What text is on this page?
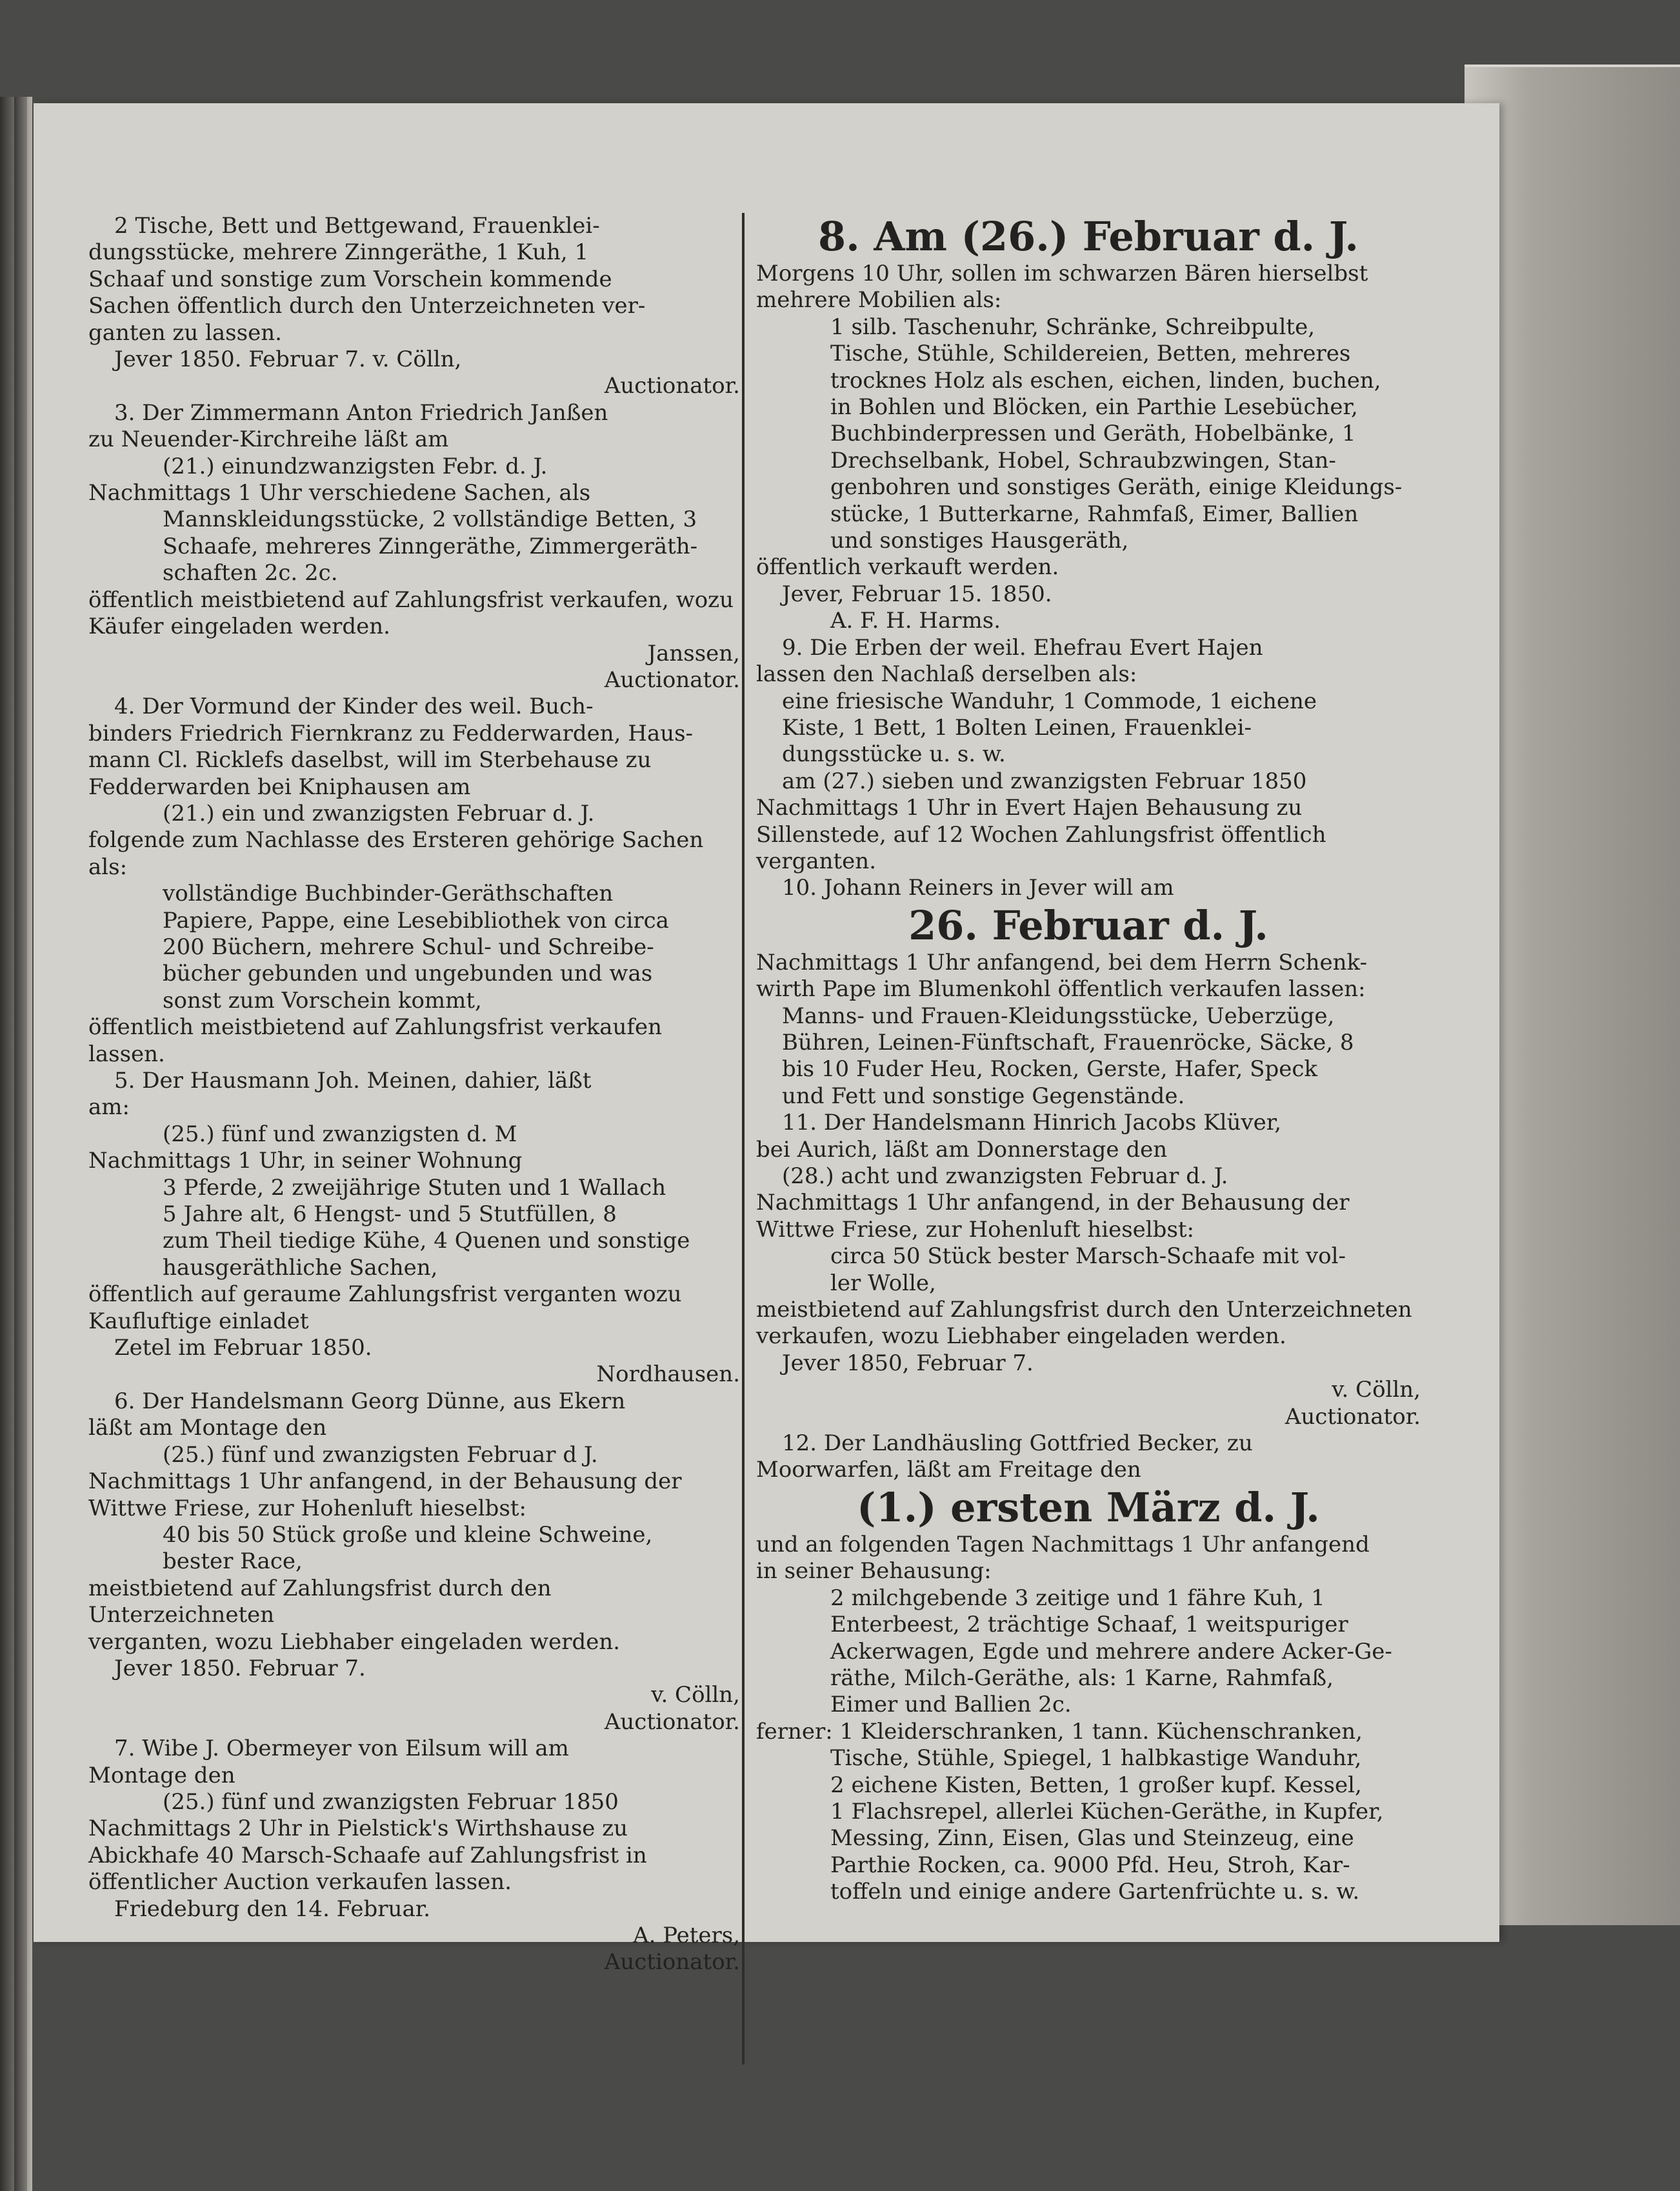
2 Tische, Bett und Bettgewand, Frauenklei-

dungsstücke, mehrere Zinngeräthe, 1 Kuh, 1

Schaaf und sonstige zum Vorschein kommende

Sachen öffentlich durch den Unterzeichneten ver-

ganten zu lassen.

Jever 1850. Februar 7. v. Cölln,

Auctionator.

3. Der Zimmermann Anton Friedrich Janßen

zu Neuender-Kirchreihe läßt am

(21.) einundzwanzigsten Febr. d. J.

Nachmittags 1 Uhr verschiedene Sachen, als

Mannskleidungsstücke, 2 vollständige Betten, 3

Schaafe, mehreres Zinngeräthe, Zimmergeräth-

schaften 2c. 2c.

öffentlich meistbietend auf Zahlungsfrist verkaufen, wozu

Käufer eingeladen werden.

Janssen,

Auctionator.

4. Der Vormund der Kinder des weil. Buch-

binders Friedrich Fiernkranz zu Fedderwarden, Haus-

mann Cl. Ricklefs daselbst, will im Sterbehause zu

Fedderwarden bei Kniphausen am

(21.) ein und zwanzigsten Februar d. J.

folgende zum Nachlasse des Ersteren gehörige Sachen

als:

vollständige Buchbinder-Geräthschaften

Papiere, Pappe, eine Lesebibliothek von circa

200 Büchern, mehrere Schul- und Schreibe-

bücher gebunden und ungebunden und was

sonst zum Vorschein kommt,

öffentlich meistbietend auf Zahlungsfrist verkaufen lassen.

5. Der Hausmann Joh. Meinen, dahier, läßt

am:

(25.) fünf und zwanzigsten d. M

Nachmittags 1 Uhr, in seiner Wohnung

3 Pferde, 2 zweijährige Stuten und 1 Wallach

5 Jahre alt, 6 Hengst- und 5 Stutfüllen, 8

zum Theil tiedige Kühe, 4 Quenen und sonstige

hausgeräthliche Sachen,

öffentlich auf geraume Zahlungsfrist verganten wozu

Kaufluftige einladet

Zetel im Februar 1850.

Nordhausen.

6. Der Handelsmann Georg Dünne, aus Ekern

läßt am Montage den

(25.) fünf und zwanzigsten Februar d J.

Nachmittags 1 Uhr anfangend, in der Behausung der

Wittwe Friese, zur Hohenluft hieselbst:

40 bis 50 Stück große und kleine Schweine,

bester Race,

meistbietend auf Zahlungsfrist durch den Unterzeichneten

verganten, wozu Liebhaber eingeladen werden.

Jever 1850. Februar 7.

v. Cölln,

Auctionator.

7. Wibe J. Obermeyer von Eilsum will am

Montage den

(25.) fünf und zwanzigsten Februar 1850

Nachmittags 2 Uhr in Pielstick's Wirthshause zu

Abickhafe 40 Marsch-Schaafe auf Zahlungsfrist in

öffentlicher Auction verkaufen lassen.

Friedeburg den 14. Februar.

A. Peters,

Auctionator.

8. Am (26.) Februar d. J.

Morgens 10 Uhr, sollen im schwarzen Bären hierselbst

mehrere Mobilien als:

1 silb. Taschenuhr, Schränke, Schreibpulte,

Tische, Stühle, Schildereien, Betten, mehreres

trocknes Holz als eschen, eichen, linden, buchen,

in Bohlen und Blöcken, ein Parthie Lesebücher,

Buchbinderpressen und Geräth, Hobelbänke, 1

Drechselbank, Hobel, Schraubzwingen, Stan-

genbohren und sonstiges Geräth, einige Kleidungs-

stücke, 1 Butterkarne, Rahmfaß, Eimer, Ballien

und sonstiges Hausgeräth,

öffentlich verkauft werden.

Jever, Februar 15. 1850.

A. F. H. Harms.

9. Die Erben der weil. Ehefrau Evert Hajen

lassen den Nachlaß derselben als:

eine friesische Wanduhr, 1 Commode, 1 eichene

Kiste, 1 Bett, 1 Bolten Leinen, Frauenklei-

dungsstücke u. s. w.

am (27.) sieben und zwanzigsten Februar 1850

Nachmittags 1 Uhr in Evert Hajen Behausung zu

Sillenstede, auf 12 Wochen Zahlungsfrist öffentlich

verganten.

10. Johann Reiners in Jever will am

26. Februar d. J.

Nachmittags 1 Uhr anfangend, bei dem Herrn Schenk-

wirth Pape im Blumenkohl öffentlich verkaufen lassen:

Manns- und Frauen-Kleidungsstücke, Ueberzüge,

Bühren, Leinen-Fünftschaft, Frauenröcke, Säcke, 8

bis 10 Fuder Heu, Rocken, Gerste, Hafer, Speck

und Fett und sonstige Gegenstände.

11. Der Handelsmann Hinrich Jacobs Klüver,

bei Aurich, läßt am Donnerstage den

(28.) acht und zwanzigsten Februar d. J.

Nachmittags 1 Uhr anfangend, in der Behausung der

Wittwe Friese, zur Hohenluft hieselbst:

circa 50 Stück bester Marsch-Schaafe mit vol-

ler Wolle,

meistbietend auf Zahlungsfrist durch den Unterzeichneten

verkaufen, wozu Liebhaber eingeladen werden.

Jever 1850, Februar 7.

v. Cölln,

Auctionator.

12. Der Landhäusling Gottfried Becker, zu

Moorwarfen, läßt am Freitage den

(1.) ersten März d. J.

und an folgenden Tagen Nachmittags 1 Uhr anfangend

in seiner Behausung:

2 milchgebende 3 zeitige und 1 fähre Kuh, 1

Enterbeest, 2 trächtige Schaaf, 1 weitspuriger

Ackerwagen, Egde und mehrere andere Acker-Ge-

räthe, Milch-Geräthe, als: 1 Karne, Rahmfaß,

Eimer und Ballien 2c.

ferner: 1 Kleiderschranken, 1 tann. Küchenschranken,

Tische, Stühle, Spiegel, 1 halbkastige Wanduhr,

2 eichene Kisten, Betten, 1 großer kupf. Kessel,

1 Flachsrepel, allerlei Küchen-Geräthe, in Kupfer,

Messing, Zinn, Eisen, Glas und Steinzeug, eine

Parthie Rocken, ca. 9000 Pfd. Heu, Stroh, Kar-

toffeln und einige andere Gartenfrüchte u. s. w.
